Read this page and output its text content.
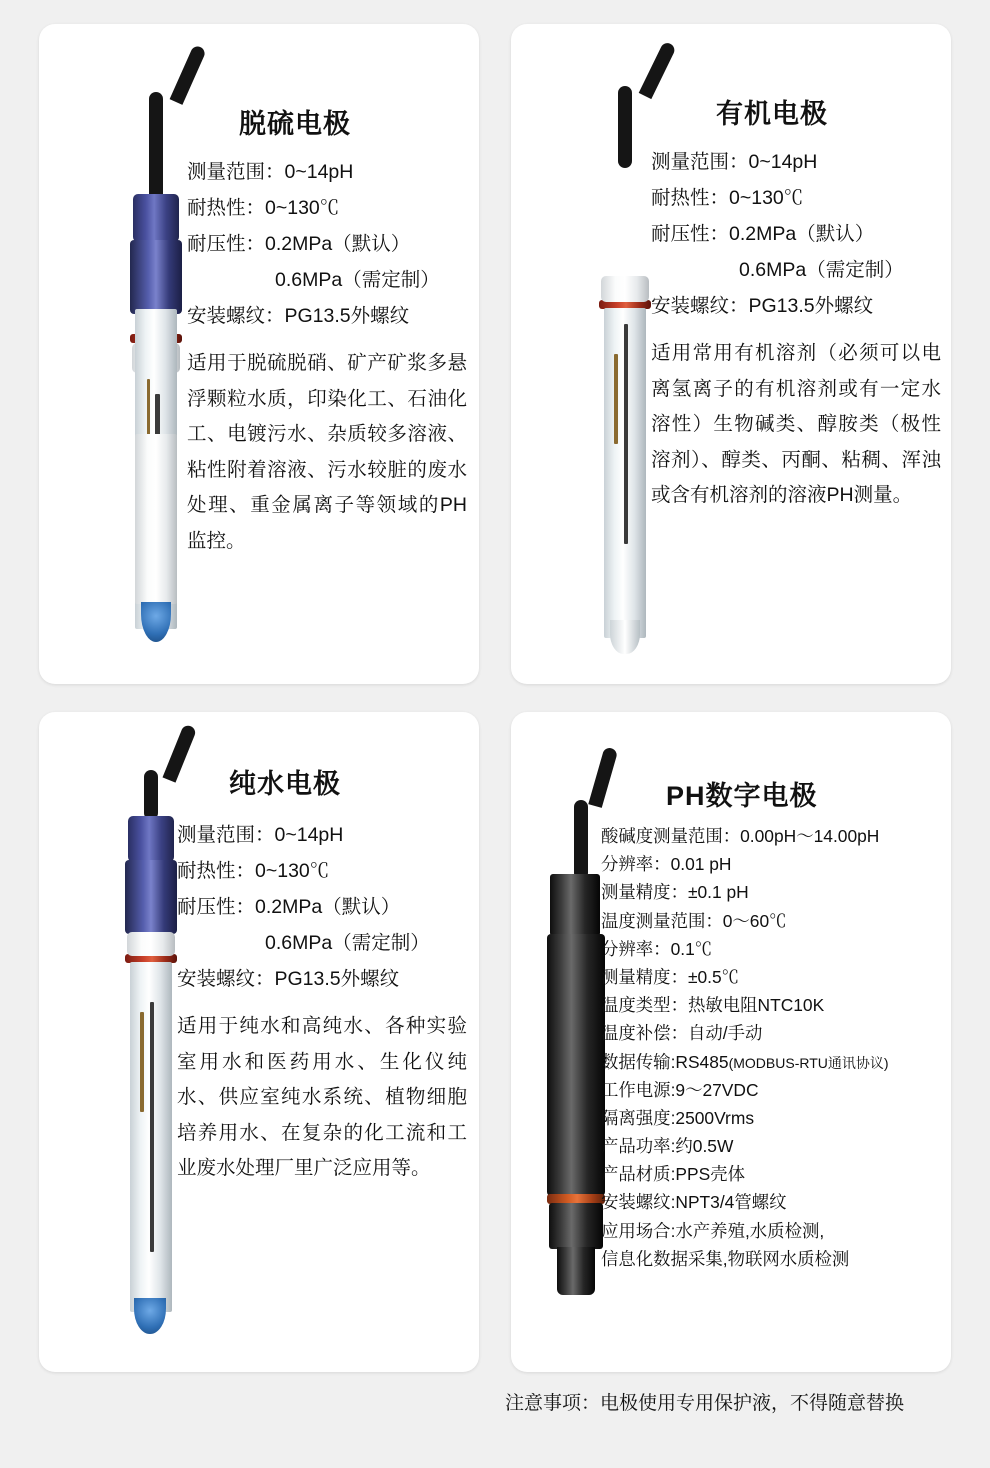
脱硫电极
测量范围：0~14pH
耐热性：0~130℃
耐压性：0.2MPa（默认）
0.6MPa（需定制）
安装螺纹：PG13.5外螺纹
适用于脱硫脱硝、矿产矿浆多悬浮颗粒水质，印染化工、石油化工、电镀污水、杂质较多溶液、粘性附着溶液、污水较脏的废水处理、重金属离子等领域的PH监控。
有机电极
测量范围：0~14pH
耐热性：0~130℃
耐压性：0.2MPa（默认）
0.6MPa（需定制）
安装螺纹：PG13.5外螺纹
适用常用有机溶剂（必须可以电离氢离子的有机溶剂或有一定水溶性）生物碱类、醇胺类（极性溶剂）、醇类、丙酮、粘稠、浑浊或含有机溶剂的溶液PH测量。
纯水电极
测量范围：0~14pH
耐热性：0~130℃
耐压性：0.2MPa（默认）
0.6MPa（需定制）
安装螺纹：PG13.5外螺纹
适用于纯水和高纯水、各种实验室用水和医药用水、生化仪纯水、供应室纯水系统、植物细胞培养用水、在复杂的化工流和工业废水处理厂里广泛应用等。
PH数字电极
酸碱度测量范围：0.00pH～14.00pH
分辨率：0.01 pH
测量精度：±0.1 pH
温度测量范围：0～60℃
分辨率：0.1℃
测量精度：±0.5℃
温度类型：热敏电阻NTC10K
温度补偿：自动/手动
数据传输:RS485(MODBUS-RTU通讯协议)
工作电源:9～27VDC
隔离强度:2500Vrms
产品功率:约0.5W
产品材质:PPS壳体
安装螺纹:NPT3/4管螺纹
应用场合:水产养殖,水质检测,
信息化数据采集,物联网水质检测
注意事项：电极使用专用保护液，不得随意替换
